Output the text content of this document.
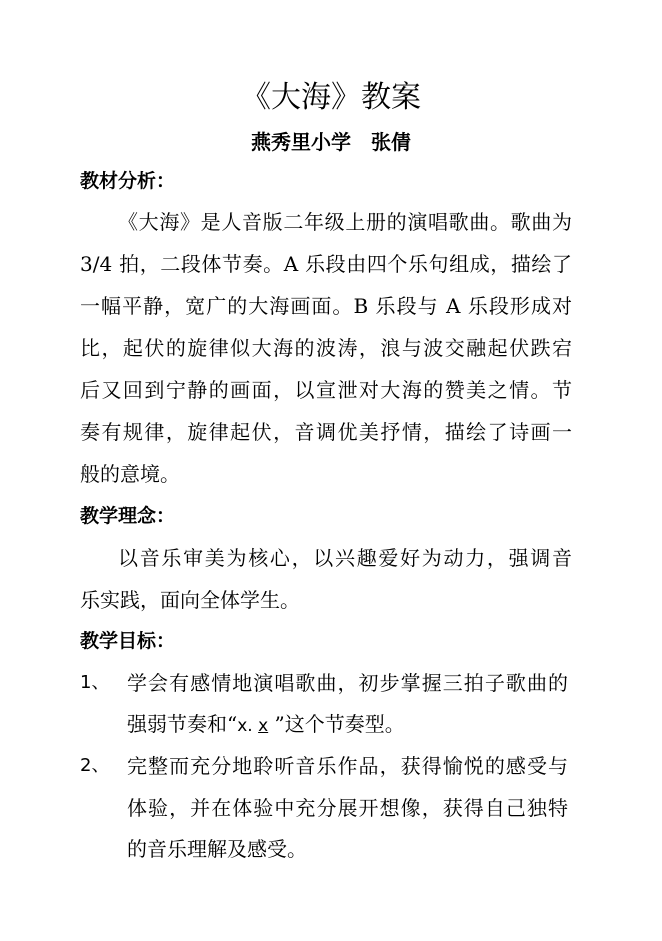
《大海》教案
燕秀里小学　张倩
教材分析：
《大海》是人音版二年级上册的演唱歌曲。歌曲为
3/4 拍，二段体节奏。A 乐段由四个乐句组成，描绘了
一幅平静，宽广的大海画面。B 乐段与 A 乐段形成对
比，起伏的旋律似大海的波涛，浪与波交融起伏跌宕
后又回到宁静的画面，以宣泄对大海的赞美之情。节
奏有规律，旋律起伏，音调优美抒情，描绘了诗画一
般的意境。
教学理念：
以音乐审美为核心，以兴趣爱好为动力，强调音
乐实践，面向全体学生。
教学目标：
1、 学会有感情地演唱歌曲，初步掌握三拍子歌曲的
强弱节奏和“x. x ”这个节奏型。
2、 完整而充分地聆听音乐作品，获得愉悦的感受与
体验，并在体验中充分展开想像，获得自己独特
的音乐理解及感受。
